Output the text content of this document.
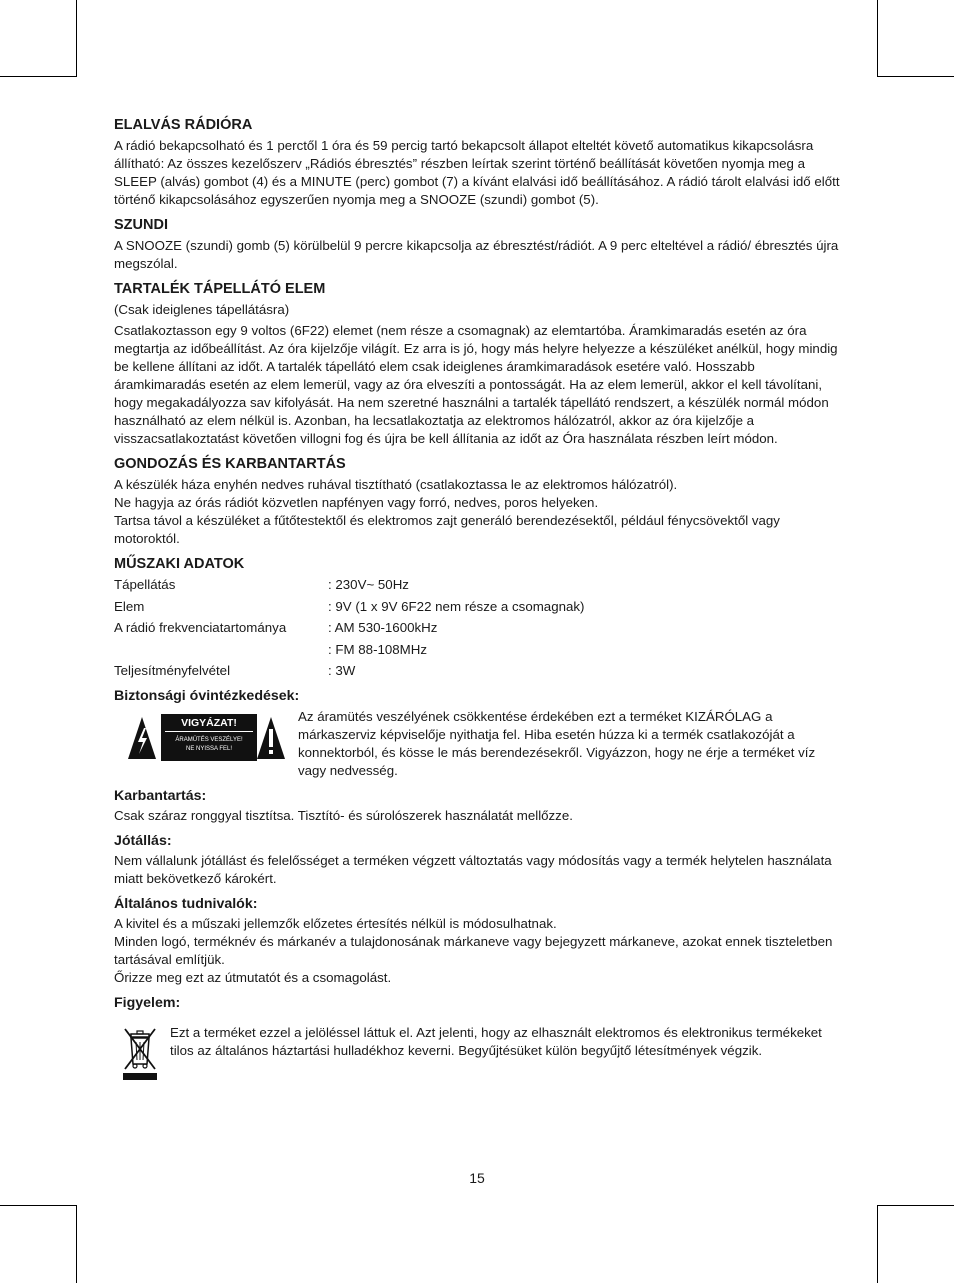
ELALVÁS RÁDIÓRA

A rádió bekapcsolható és 1 perctől 1 óra és 59 percig tartó bekapcsolt állapot elteltét követő automatikus kikapcsolásra állítható: Az összes kezelőszerv „Rádiós ébresztés” részben leírtak szerint történő beállítását követően nyomja meg a SLEEP (alvás) gombot (4) és a MINUTE (perc) gombot (7) a kívánt elalvási idő beállításához. A rádió tárolt elalvási idő előtt történő kikapcsolásához egyszerűen nyomja meg a SNOOZE (szundi) gombot (5).

SZUNDI

A SNOOZE (szundi) gomb (5) körülbelül 9 percre kikapcsolja az ébresztést/rádiót. A 9 perc elteltével a rádió/ ébresztés újra megszólal.

TARTALÉK TÁPELLÁTÓ ELEM

(Csak ideiglenes tápellátásra)

Csatlakoztasson egy 9 voltos (6F22) elemet (nem része a csomagnak) az elemtartóba. Áramkimaradás esetén az óra megtartja az időbeállítást. Az óra kijelzője világít. Ez arra is jó, hogy más helyre helyezze a készüléket anélkül, hogy mindig be kellene állítani az időt. A tartalék tápellátó elem csak ideiglenes áramkimaradások esetére való. Hosszabb áramkimaradás esetén az elem lemerül, vagy az óra elveszíti a pontosságát. Ha az elem lemerül, akkor el kell távolítani, hogy megakadályozza sav kifolyását. Ha nem szeretné használni a tartalék tápellátó rendszert, a készülék normál módon használható az elem nélkül is. Azonban, ha lecsatlakoztatja az elektromos hálózatról, akkor az óra kijelzője a visszacsatlakoztatást követően villogni fog és újra be kell állítania az időt az Óra használata részben leírt módon.

GONDOZÁS ÉS KARBANTARTÁS

A készülék háza enyhén nedves ruhával tisztítható (csatlakoztassa le az elektromos hálózatról).

Ne hagyja az órás rádiót közvetlen napfényen vagy forró, nedves, poros helyeken.

Tartsa távol a készüléket a fűtőtestektől és elektromos zajt generáló berendezésektől, például fénycsövektől vagy motoroktól.

MŰSZAKI ADATOK
Tápellátás	: 230V~ 50Hz
Elem	: 9V (1 x 9V 6F22 nem része a csomagnak)
A rádió frekvenciatartománya	: AM 530-1600kHz
: FM 88-108MHz
Teljesítményfelvétel	: 3W
Biztonsági óvintézkedések:
VIGYÁZAT!
ÁRAMÜTÉS VESZÉLYE!
NE NYISSA FEL!

Az áramütés veszélyének csökkentése érdekében ezt a terméket KIZÁRÓLAG a márkaszerviz képviselője nyithatja fel. Hiba esetén húzza ki a termék csatlakozóját a konnektorból, és kösse le más berendezésekről. Vigyázzon, hogy ne érje a terméket víz vagy nedvesség.

Karbantartás:

Csak száraz ronggyal tisztítsa. Tisztító- és súrolószerek használatát mellőzze.

Jótállás:

Nem vállalunk jótállást és felelősséget a terméken végzett változtatás vagy módosítás vagy a termék helytelen használata miatt bekövetkező károkért.

Általános tudnivalók:

A kivitel és a műszaki jellemzők előzetes értesítés nélkül is módosulhatnak.

Minden logó, terméknév és márkanév a tulajdonosának márkaneve vagy bejegyzett márkaneve, azokat ennek tiszteletben tartásával említjük.

Őrizze meg ezt az útmutatót és a csomagolást.

Figyelem:

Ezt a terméket ezzel a jelöléssel láttuk el. Azt jelenti, hogy az elhasznált elektromos és elektronikus termékeket tilos az általános háztartási hulladékhoz keverni. Begyűjtésüket külön begyűjtő létesítmények végzik.

15
